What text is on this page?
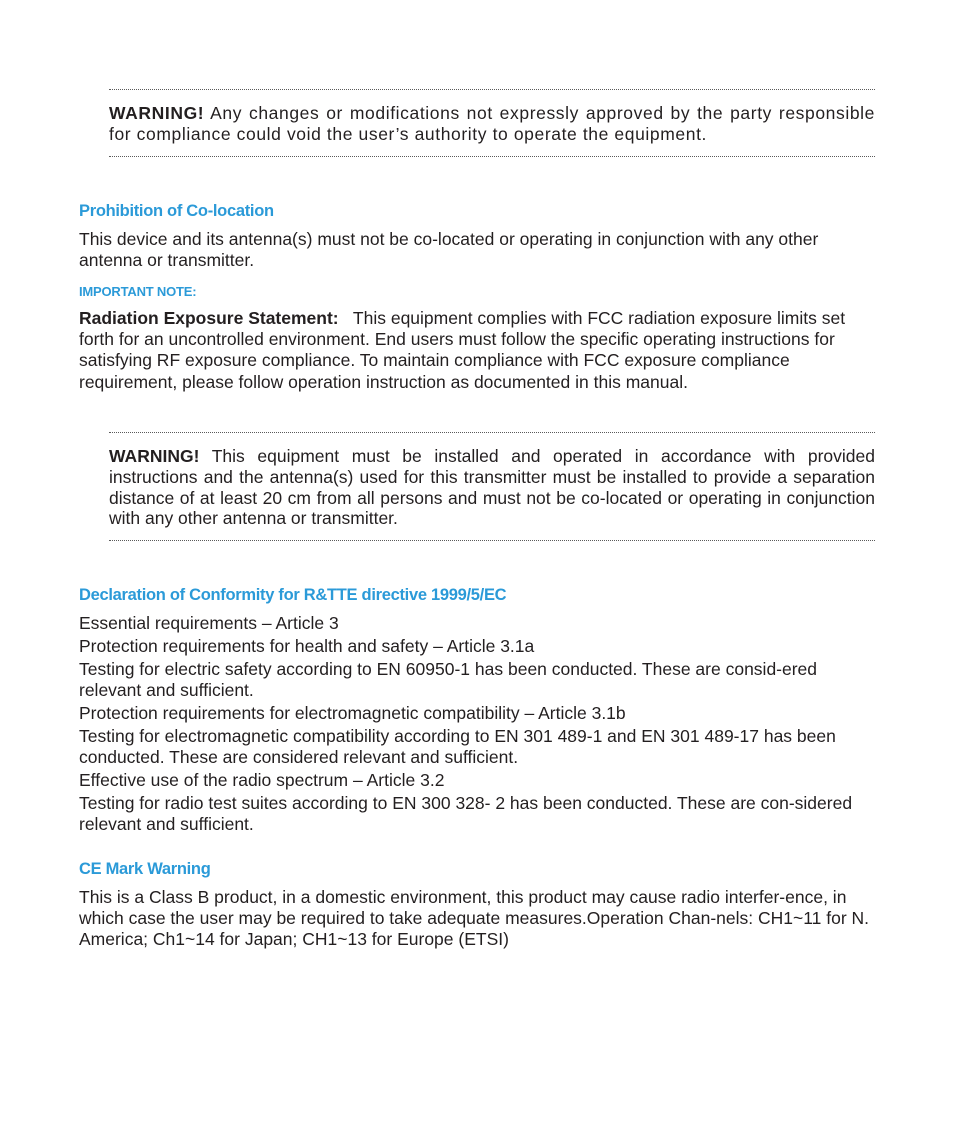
WARNING! Any changes or modifications not expressly approved by the party responsible for compliance could void the user’s authority to operate the equipment.

Prohibition of Co-location

This device and its antenna(s) must not be co-located or operating in conjunction with any other antenna or transmitter.

IMPORTANT NOTE:

Radiation Exposure Statement: This equipment complies with FCC radiation exposure limits set forth for an uncontrolled environment. End users must follow the specific operating instructions for satisfying RF exposure compliance. To maintain compliance with FCC exposure compliance requirement, please follow operation instruction as documented in this manual.

WARNING! This equipment must be installed and operated in accordance with provided instructions and the antenna(s) used for this transmitter must be installed to provide a separation distance of at least 20 cm from all persons and must not be co-located or operating in conjunction with any other antenna or transmitter.

Declaration of Conformity for R&TTE directive 1999/5/EC
Essential requirements – Article 3
Protection requirements for health and safety – Article 3.1a
Testing for electric safety according to EN 60950-1 has been conducted. These are consid-ered relevant and sufficient.
Protection requirements for electromagnetic compatibility – Article 3.1b
Testing for electromagnetic compatibility according to EN 301 489-1 and EN 301 489-17 has been conducted. These are considered relevant and sufficient.
Effective use of the radio spectrum – Article 3.2
Testing for radio test suites according to EN 300 328- 2 has been conducted. These are con-sidered relevant and sufficient.
CE Mark Warning

This is a Class B product, in a domestic environment, this product may cause radio interfer-ence, in which case the user may be required to take adequate measures.Operation Chan-nels: CH1~11 for N. America; Ch1~14 for Japan; CH1~13 for Europe (ETSI)
